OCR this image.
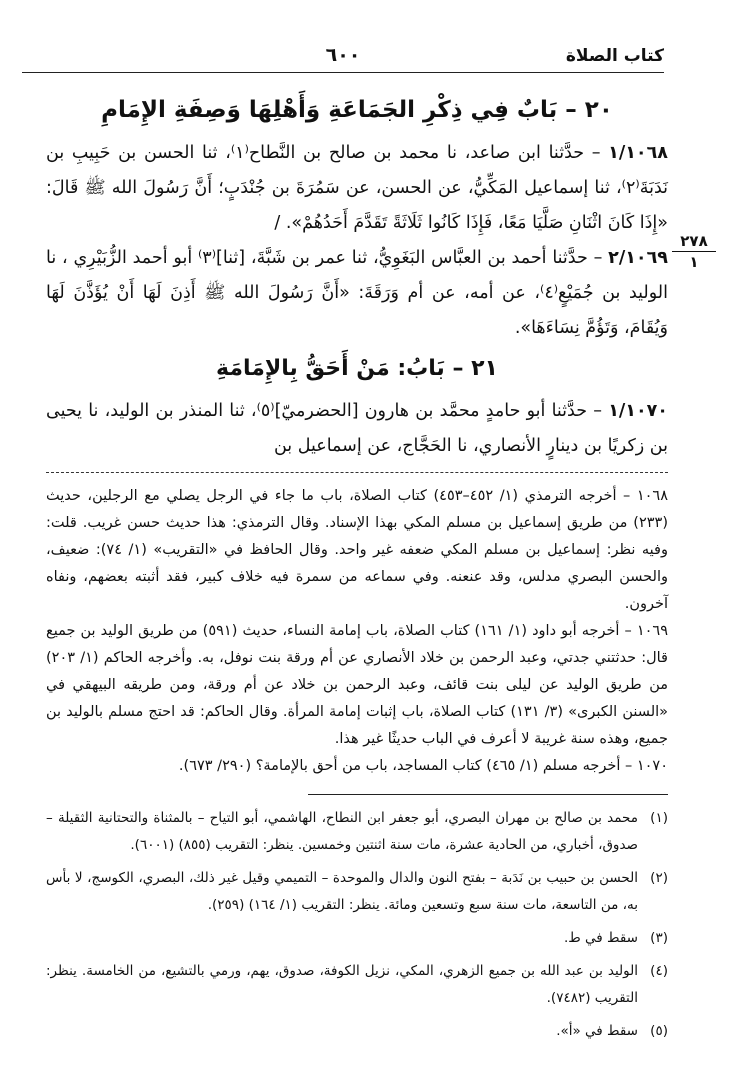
كتاب الصلاة
٦٠٠
٢٧٨
١
٢٠ – بَابٌ فِي ذِكْرِ الجَمَاعَةِ وَأَهْلِهَا وَصِفَةِ الإِمَامِ

١/١٠٦٨ – حدَّثنا ابن صاعد، نا محمد بن صالح بن النَّطاح⁽١⁾، ثنا الحسن بن حَبِيبِ بن نَدَبَةَ⁽٢⁾، ثنا إسماعيل المَكِّيُّ، عن الحسن، عن سَمُرَةَ بن جُنْدَبٍ؛ أَنَّ رَسُولَ الله ﷺ قَالَ: «إِذَا كَانَ اثْنَانِ صَلَّيَا مَعًا، فَإِذَا كَانُوا ثَلَاثَةً تَقَدَّمَ أَحَدُهُمْ». /

٢/١٠٦٩ – حدَّثنا أحمد بن العبَّاس البَغَوِيُّ، ثنا عمر بن شَبَّةَ، [ثنا]⁽٣⁾ أبو أحمد الزُّبَيْرِي ، نا الوليد بن جُمَيْعٍ⁽٤⁾، عن أمه، عن أم وَرَقَةَ: «أَنَّ رَسُولَ الله ﷺ أَذِنَ لَهَا أَنْ يُؤَذَّنَ لَهَا وَيُقَامَ، وَتَؤُمَّ نِسَاءَهَا».

٢١ – بَابُ: مَنْ أَحَقُّ بِالإِمَامَةِ

١/١٠٧٠ – حدَّثنا أبو حامدٍ محمَّد بن هارون [الحضرميّ]⁽٥⁾، ثنا المنذر بن الوليد، نا يحيى بن زكريًا بن دينارٍ الأنصاري، نا الحَجَّاج، عن إسماعيل بن

١٠٦٨ – أخرجه الترمذي (١/ ٤٥٢–٤٥٣) كتاب الصلاة، باب ما جاء في الرجل يصلي مع الرجلين، حديث (٢٣٣) من طريق إسماعيل بن مسلم المكي بهذا الإسناد. وقال الترمذي: هذا حديث حسن غريب. قلت: وفيه نظر: إسماعيل بن مسلم المكي ضعفه غير واحد. وقال الحافظ في «التقريب» (١/ ٧٤): ضعيف، والحسن البصري مدلس، وقد عنعنه. وفي سماعه من سمرة فيه خلاف كبير، فقد أثبته بعضهم، ونفاه آخرون.

١٠٦٩ – أخرجه أبو داود (١/ ١٦١) كتاب الصلاة، باب إمامة النساء، حديث (٥٩١) من طريق الوليد بن جميع قال: حدثتني جدتي، وعبد الرحمن بن خلاد الأنصاري عن أم ورقة بنت نوفل، به. وأخرجه الحاكم (١/ ٢٠٣) من طريق الوليد عن ليلى بنت قائف، وعبد الرحمن بن خلاد عن أم ورقة، ومن طريقه البيهقي في «السنن الكبرى» (٣/ ١٣١) كتاب الصلاة، باب إثبات إمامة المرأة. وقال الحاكم: قد احتج مسلم بالوليد بن جميع، وهذه سنة غريبة لا أعرف في الباب حديثًا غير هذا.

١٠٧٠ – أخرجه مسلم (١/ ٤٦٥) كتاب المساجد، باب من أحق بالإمامة؟ (٢٩٠/ ٦٧٣).

(١)
محمد بن صالح بن مهران البصري، أبو جعفر ابن النطاح، الهاشمي، أبو التياح – بالمثناة والتحتانية الثقيلة – صدوق، أخباري، من الحادية عشرة، مات سنة اثنتين وخمسين. ينظر: التقريب (٨٥٥) (٦٠٠١).
(٢)
الحسن بن حبيب بن نَدَبة – بفتح النون والدال والموحدة – التميمي وقيل غير ذلك، البصري، الكوسج، لا بأس به، من التاسعة، مات سنة سبع وتسعين ومائة. ينظر: التقريب (١/ ١٦٤) (٢٥٩).
(٣)
سقط في ط.
(٤)
الوليد بن عبد الله بن جميع الزهري، المكي، نزيل الكوفة، صدوق، يهم، ورمي بالتشيع، من الخامسة. ينظر: التقريب (٧٤٨٢).
(٥)
سقط في «أ».
